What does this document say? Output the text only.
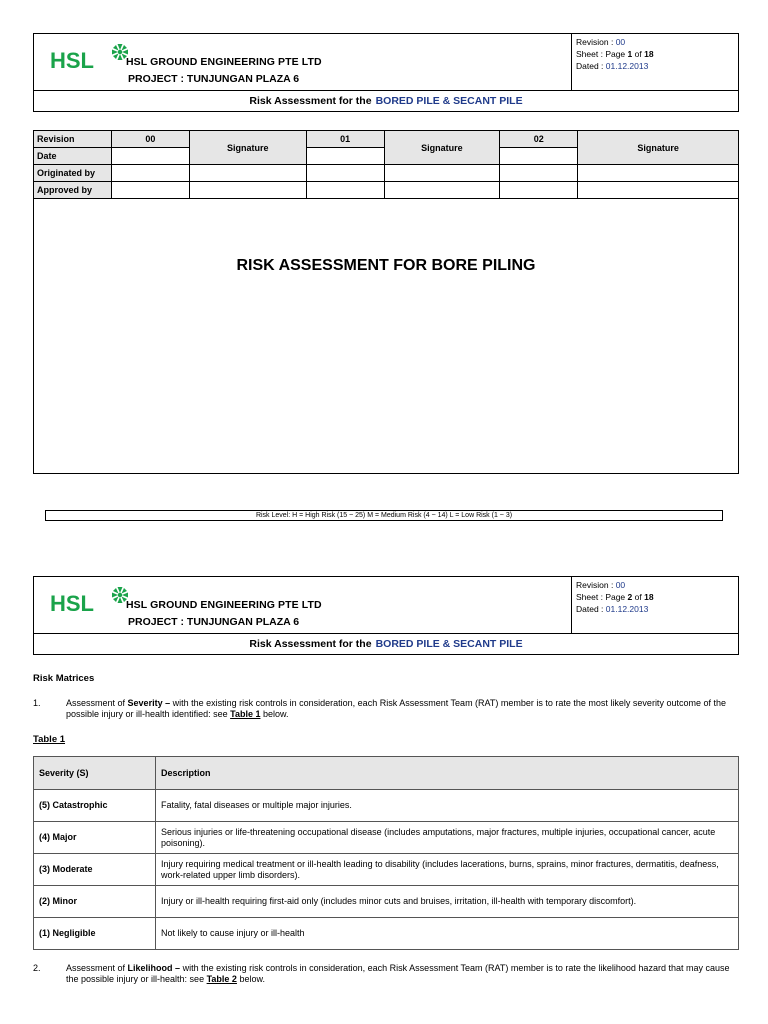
HSL	HSL GROUND ENGINEERING PTE LTD
PROJECT : TUNJUNGAN PLAZA 6
Revision : 00
Sheet : Page 1 of 18
Dated : 01.12.2013
Risk Assessment for the BORED PILE & SECANT PILE
Revision	00	Signature	01	Signature	02	Signature
Date						
Originated by						
Approved by						
RISK ASSESSMENT FOR BORE PILING
Risk Level: H = High Risk (15 ~ 25) M = Medium Risk (4 ~ 14) L = Low Risk (1 ~ 3)
HSL	HSL GROUND ENGINEERING PTE LTD
PROJECT : TUNJUNGAN PLAZA 6
Revision : 00
Sheet : Page 2 of 18
Dated : 01.12.2013
Risk Assessment for the BORED PILE & SECANT PILE
Risk Matrices
1.	Assessment of Severity – with the existing risk controls in consideration, each Risk Assessment Team (RAT) member is to rate the most likely severity outcome of the possible injury or ill-health identified: see Table 1 below.
Table 1
Severity (S)	Description
(5) Catastrophic	Fatality, fatal diseases or multiple major injuries.
(4) Major	Serious injuries or life-threatening occupational disease (includes amputations, major fractures, multiple injuries, occupational cancer, acute poisoning).
(3) Moderate	Injury requiring medical treatment or ill-health leading to disability (includes lacerations, burns, sprains, minor fractures, dermatitis, deafness, work-related upper limb disorders).
(2) Minor	Injury or ill-health requiring first-aid only (includes minor cuts and bruises, irritation, ill-health with temporary discomfort).
(1) Negligible	Not likely to cause injury or ill-health
2.	Assessment of Likelihood – with the existing risk controls in consideration, each Risk Assessment Team (RAT) member is to rate the likelihood hazard that may cause the possible injury or ill-health: see Table 2 below.
